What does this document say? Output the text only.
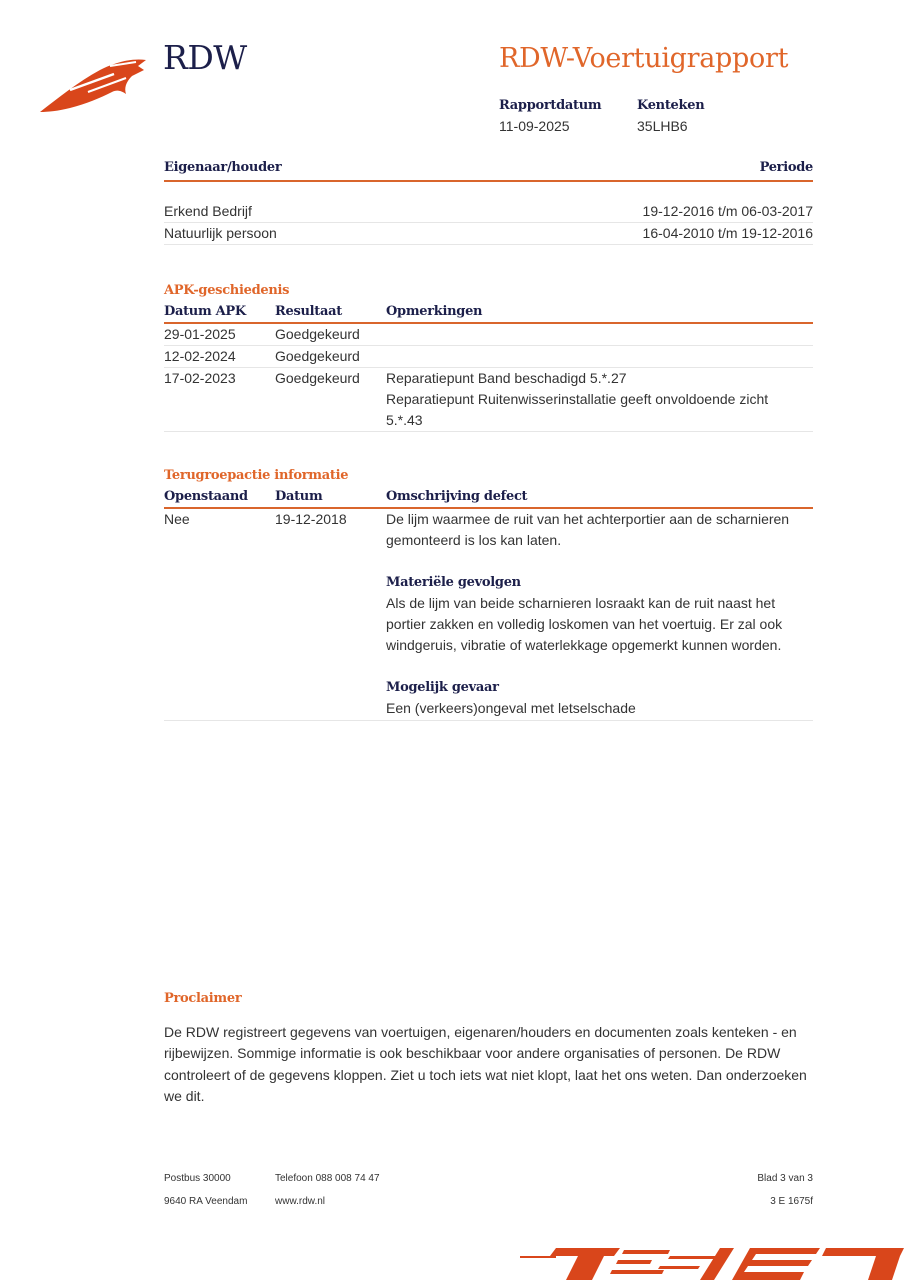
RDW	RDW-Voertuigrapport
Rapportdatum
11-09-2025
Kenteken
35LHB6
Eigenaar/houder	Periode
Erkend Bedrijf	19-12-2016 t/m 06-03-2017
Natuurlijk persoon	16-04-2010 t/m 19-12-2016
APK-geschiedenis
Datum APK	Resultaat	Opmerkingen
29-01-2025	Goedgekeurd
12-02-2024	Goedgekeurd
17-02-2023	Goedgekeurd	Reparatiepunt Band beschadigd 5.*.27
Reparatiepunt Ruitenwisserinstallatie geeft onvoldoende zicht
5.*.43
Terugroepactie informatie
Openstaand	Datum	Omschrijving defect
Nee	19-12-2018	De lijm waarmee de ruit van het achterportier aan de scharnieren
gemonteerd is los kan laten.
Materiële gevolgen
Als de lijm van beide scharnieren losraakt kan de ruit naast het
portier zakken en volledig loskomen van het voertuig. Er zal ook
windgeruis, vibratie of waterlekkage opgemerkt kunnen worden.
Mogelijk gevaar
Een (verkeers)ongeval met letselschade
Proclaimer

De RDW registreert gegevens van voertuigen, eigenaren/houders en documenten zoals kenteken - en rijbewijzen. Sommige informatie is ook beschikbaar voor andere organisaties of personen. De RDW controleert of de gegevens kloppen. Ziet u toch iets wat niet klopt, laat het ons weten. Dan onderzoeken we dit.

Postbus 30000	Telefoon 088 008 74 47	Blad 3 van 3
9640 RA Veendam	www.rdw.nl	3 E 1675f
